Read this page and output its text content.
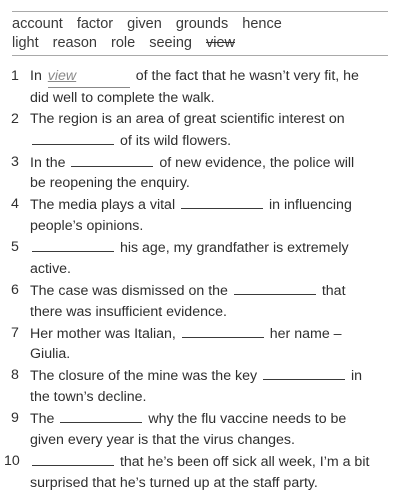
account factor given grounds hence
light reason role seeing view
1 In view	of the fact that he wasn’t very fit, he did well to complete the walk.
2 The region is an area of great scientific interest on  of its wild flowers.
3 In the	of new evidence, the police will be reopening the enquiry.
4 The media plays a vital	in influencing people’s opinions.
5	his age, my grandfather is extremely active.
6 The case was dismissed on the	that there was insufficient evidence.
7 Her mother was Italian,	her name – Giulia.
8 The closure of the mine was the key	in the town’s decline.
9 The	why the flu vaccine needs to be given every year is that the virus changes.
10	that he’s been off sick all week, I’m a bit surprised that he’s turned up at the staff party.
